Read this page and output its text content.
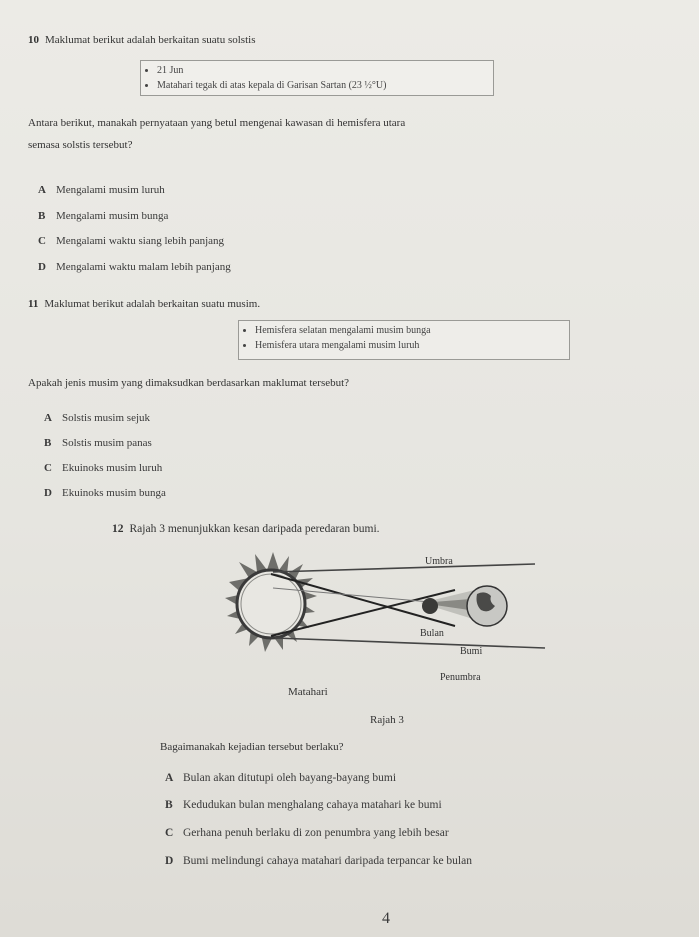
10 Maklumat berikut adalah berkaitan suatu solstis
• 21 Jun
• Matahari tegak di atas kepala di Garisan Sartan (23 ½°U)
Antara berikut, manakah pernyataan yang betul mengenai kawasan di hemisfera utara
semasa solstis tersebut?
A Mengalami musim luruh
B Mengalami musim bunga
C Mengalami waktu siang lebih panjang
D Mengalami waktu malam lebih panjang
11 Maklumat berikut adalah berkaitan suatu musim.
• Hemisfera selatan mengalami musim bunga
• Hemisfera utara mengalami musim luruh
Apakah jenis musim yang dimaksudkan berdasarkan maklumat tersebut?
A Solstis musim sejuk
B Solstis musim panas
C Ekuinoks musim luruh
D Ekuinoks musim bunga
12 Rajah 3 menunjukkan kesan daripada peredaran bumi.
Umbra
Bulan
Bumi
Penumbra
Matahari
Rajah 3
Bagaimanakah kejadian tersebut berlaku?
A Bulan akan ditutupi oleh bayang-bayang bumi
B Kedudukan bulan menghalang cahaya matahari ke bumi
C Gerhana penuh berlaku di zon penumbra yang lebih besar
D Bumi melindungi cahaya matahari daripada terpancar ke bulan
4
